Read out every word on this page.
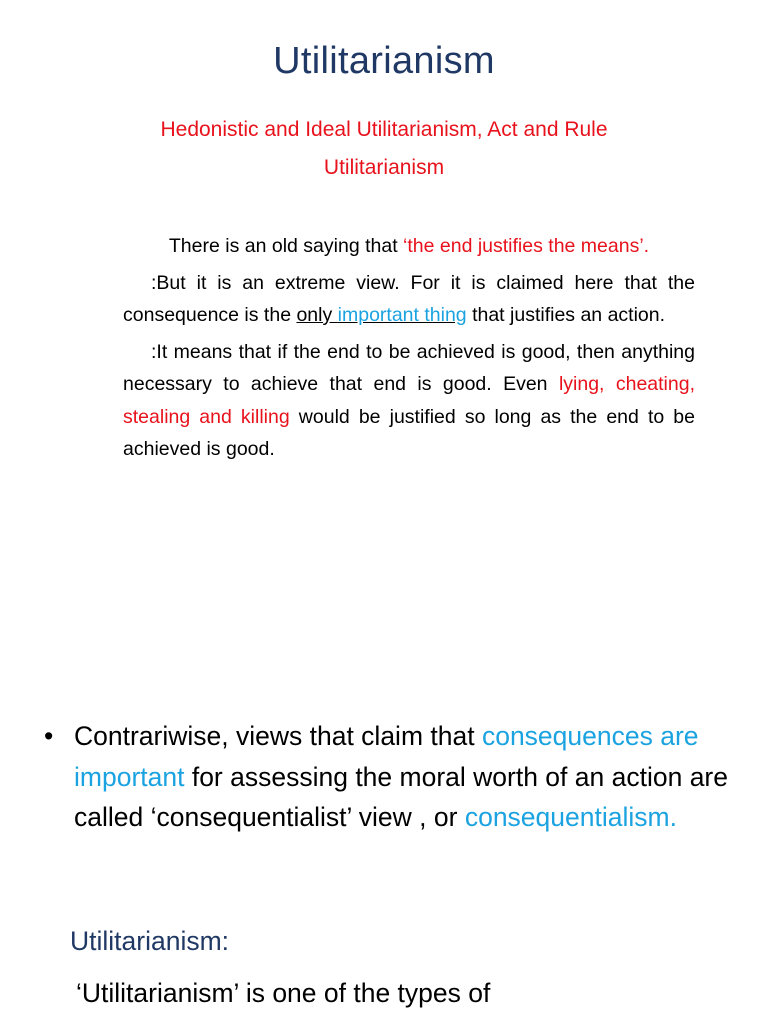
Utilitarianism
Hedonistic and Ideal Utilitarianism, Act and Rule
Utilitarianism

There is an old saying that ‘the end justifies the means’.

:But it is an extreme view. For it is claimed here that the consequence is the only important thing that justifies an action.

:It means that if the end to be achieved is good, then anything necessary to achieve that end is good. Even lying, cheating, stealing and killing would be justified so long as the end to be achieved is good.

• Contrariwise, views that claim that consequences are important for assessing the moral worth of an action are called ‘consequentialist’ view , or consequentialism.
Utilitarianism:
‘Utilitarianism’ is one of the types of
